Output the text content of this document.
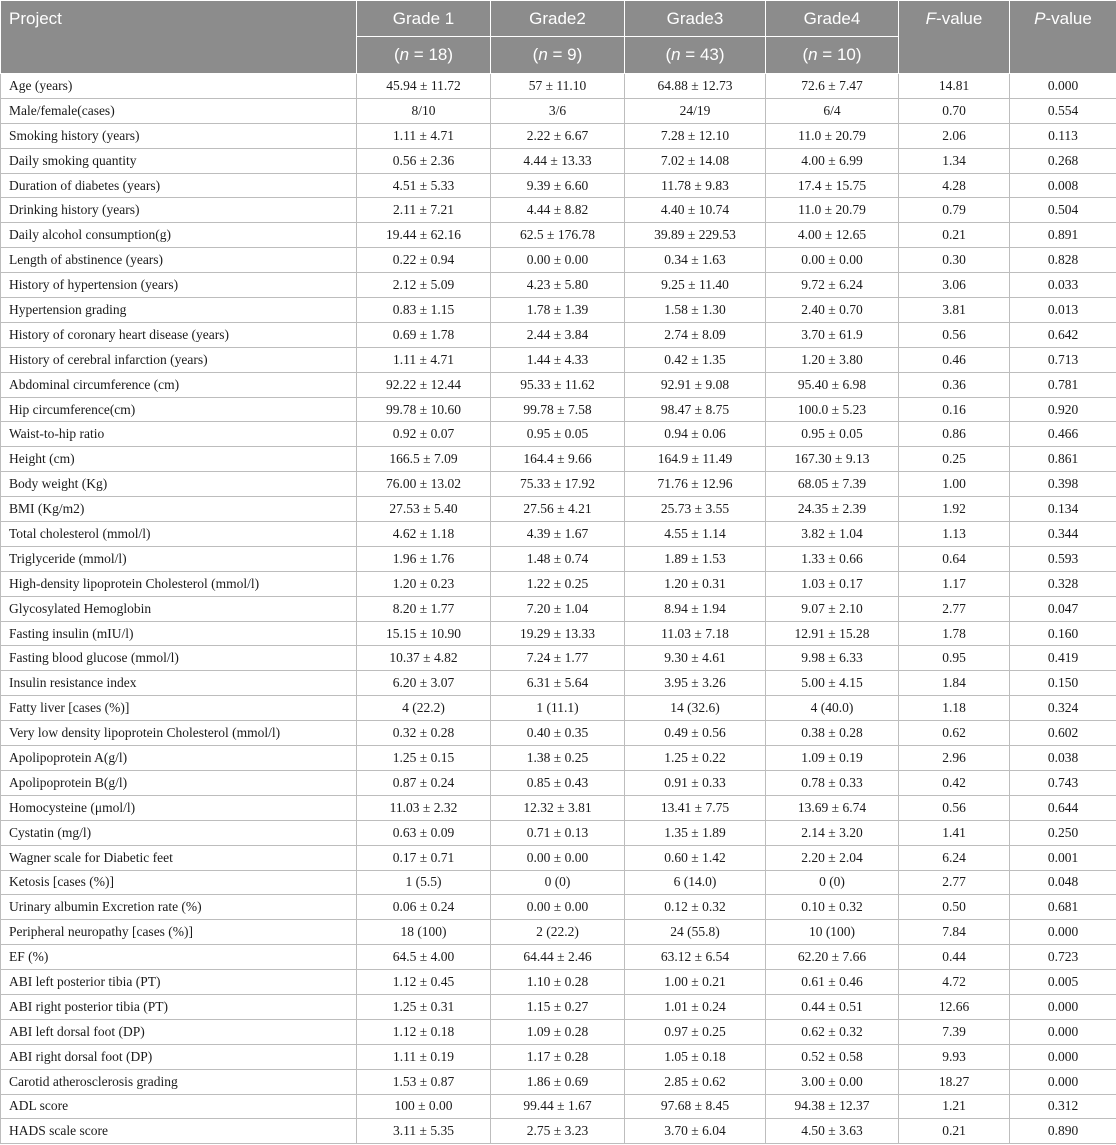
Project	Grade 1	Grade2	Grade3	Grade4	F-value	P-value
	(n = 18)	(n = 9)	(n = 43)	(n = 10)		
Age (years)	45.94 ± 11.72	57 ± 11.10	64.88 ± 12.73	72.6 ± 7.47	14.81	0.000
Male/female(cases)	8/10	3/6	24/19	6/4	0.70	0.554
Smoking history (years)	1.11 ± 4.71	2.22 ± 6.67	7.28 ± 12.10	11.0 ± 20.79	2.06	0.113
Daily smoking quantity	0.56 ± 2.36	4.44 ± 13.33	7.02 ± 14.08	4.00 ± 6.99	1.34	0.268
Duration of diabetes (years)	4.51 ± 5.33	9.39 ± 6.60	11.78 ± 9.83	17.4 ± 15.75	4.28	0.008
Drinking history (years)	2.11 ± 7.21	4.44 ± 8.82	4.40 ± 10.74	11.0 ± 20.79	0.79	0.504
Daily alcohol consumption(g)	19.44 ± 62.16	62.5 ± 176.78	39.89 ± 229.53	4.00 ± 12.65	0.21	0.891
Length of abstinence (years)	0.22 ± 0.94	0.00 ± 0.00	0.34 ± 1.63	0.00 ± 0.00	0.30	0.828
History of hypertension (years)	2.12 ± 5.09	4.23 ± 5.80	9.25 ± 11.40	9.72 ± 6.24	3.06	0.033
Hypertension grading	0.83 ± 1.15	1.78 ± 1.39	1.58 ± 1.30	2.40 ± 0.70	3.81	0.013
History of coronary heart disease (years)	0.69 ± 1.78	2.44 ± 3.84	2.74 ± 8.09	3.70 ± 61.9	0.56	0.642
History of cerebral infarction (years)	1.11 ± 4.71	1.44 ± 4.33	0.42 ± 1.35	1.20 ± 3.80	0.46	0.713
Abdominal circumference (cm)	92.22 ± 12.44	95.33 ± 11.62	92.91 ± 9.08	95.40 ± 6.98	0.36	0.781
Hip circumference(cm)	99.78 ± 10.60	99.78 ± 7.58	98.47 ± 8.75	100.0 ± 5.23	0.16	0.920
Waist-to-hip ratio	0.92 ± 0.07	0.95 ± 0.05	0.94 ± 0.06	0.95 ± 0.05	0.86	0.466
Height (cm)	166.5 ± 7.09	164.4 ± 9.66	164.9 ± 11.49	167.30 ± 9.13	0.25	0.861
Body weight (Kg)	76.00 ± 13.02	75.33 ± 17.92	71.76 ± 12.96	68.05 ± 7.39	1.00	0.398
BMI (Kg/m2)	27.53 ± 5.40	27.56 ± 4.21	25.73 ± 3.55	24.35 ± 2.39	1.92	0.134
Total cholesterol (mmol/l)	4.62 ± 1.18	4.39 ± 1.67	4.55 ± 1.14	3.82 ± 1.04	1.13	0.344
Triglyceride (mmol/l)	1.96 ± 1.76	1.48 ± 0.74	1.89 ± 1.53	1.33 ± 0.66	0.64	0.593
High-density lipoprotein Cholesterol (mmol/l)	1.20 ± 0.23	1.22 ± 0.25	1.20 ± 0.31	1.03 ± 0.17	1.17	0.328
Glycosylated Hemoglobin	8.20 ± 1.77	7.20 ± 1.04	8.94 ± 1.94	9.07 ± 2.10	2.77	0.047
Fasting insulin (mIU/l)	15.15 ± 10.90	19.29 ± 13.33	11.03 ± 7.18	12.91 ± 15.28	1.78	0.160
Fasting blood glucose (mmol/l)	10.37 ± 4.82	7.24 ± 1.77	9.30 ± 4.61	9.98 ± 6.33	0.95	0.419
Insulin resistance index	6.20 ± 3.07	6.31 ± 5.64	3.95 ± 3.26	5.00 ± 4.15	1.84	0.150
Fatty liver [cases (%)]	4 (22.2)	1 (11.1)	14 (32.6)	4 (40.0)	1.18	0.324
Very low density lipoprotein Cholesterol (mmol/l)	0.32 ± 0.28	0.40 ± 0.35	0.49 ± 0.56	0.38 ± 0.28	0.62	0.602
Apolipoprotein A(g/l)	1.25 ± 0.15	1.38 ± 0.25	1.25 ± 0.22	1.09 ± 0.19	2.96	0.038
Apolipoprotein B(g/l)	0.87 ± 0.24	0.85 ± 0.43	0.91 ± 0.33	0.78 ± 0.33	0.42	0.743
Homocysteine (μmol/l)	11.03 ± 2.32	12.32 ± 3.81	13.41 ± 7.75	13.69 ± 6.74	0.56	0.644
Cystatin (mg/l)	0.63 ± 0.09	0.71 ± 0.13	1.35 ± 1.89	2.14 ± 3.20	1.41	0.250
Wagner scale for Diabetic feet	0.17 ± 0.71	0.00 ± 0.00	0.60 ± 1.42	2.20 ± 2.04	6.24	0.001
Ketosis [cases (%)]	1 (5.5)	0 (0)	6 (14.0)	0 (0)	2.77	0.048
Urinary albumin Excretion rate (%)	0.06 ± 0.24	0.00 ± 0.00	0.12 ± 0.32	0.10 ± 0.32	0.50	0.681
Peripheral neuropathy [cases (%)]	18 (100)	2 (22.2)	24 (55.8)	10 (100)	7.84	0.000
EF (%)	64.5 ± 4.00	64.44 ± 2.46	63.12 ± 6.54	62.20 ± 7.66	0.44	0.723
ABI left posterior tibia (PT)	1.12 ± 0.45	1.10 ± 0.28	1.00 ± 0.21	0.61 ± 0.46	4.72	0.005
ABI right posterior tibia (PT)	1.25 ± 0.31	1.15 ± 0.27	1.01 ± 0.24	0.44 ± 0.51	12.66	0.000
ABI left dorsal foot (DP)	1.12 ± 0.18	1.09 ± 0.28	0.97 ± 0.25	0.62 ± 0.32	7.39	0.000
ABI right dorsal foot (DP)	1.11 ± 0.19	1.17 ± 0.28	1.05 ± 0.18	0.52 ± 0.58	9.93	0.000
Carotid atherosclerosis grading	1.53 ± 0.87	1.86 ± 0.69	2.85 ± 0.62	3.00 ± 0.00	18.27	0.000
ADL score	100 ± 0.00	99.44 ± 1.67	97.68 ± 8.45	94.38 ± 12.37	1.21	0.312
HADS scale score	3.11 ± 5.35	2.75 ± 3.23	3.70 ± 6.04	4.50 ± 3.63	0.21	0.890
